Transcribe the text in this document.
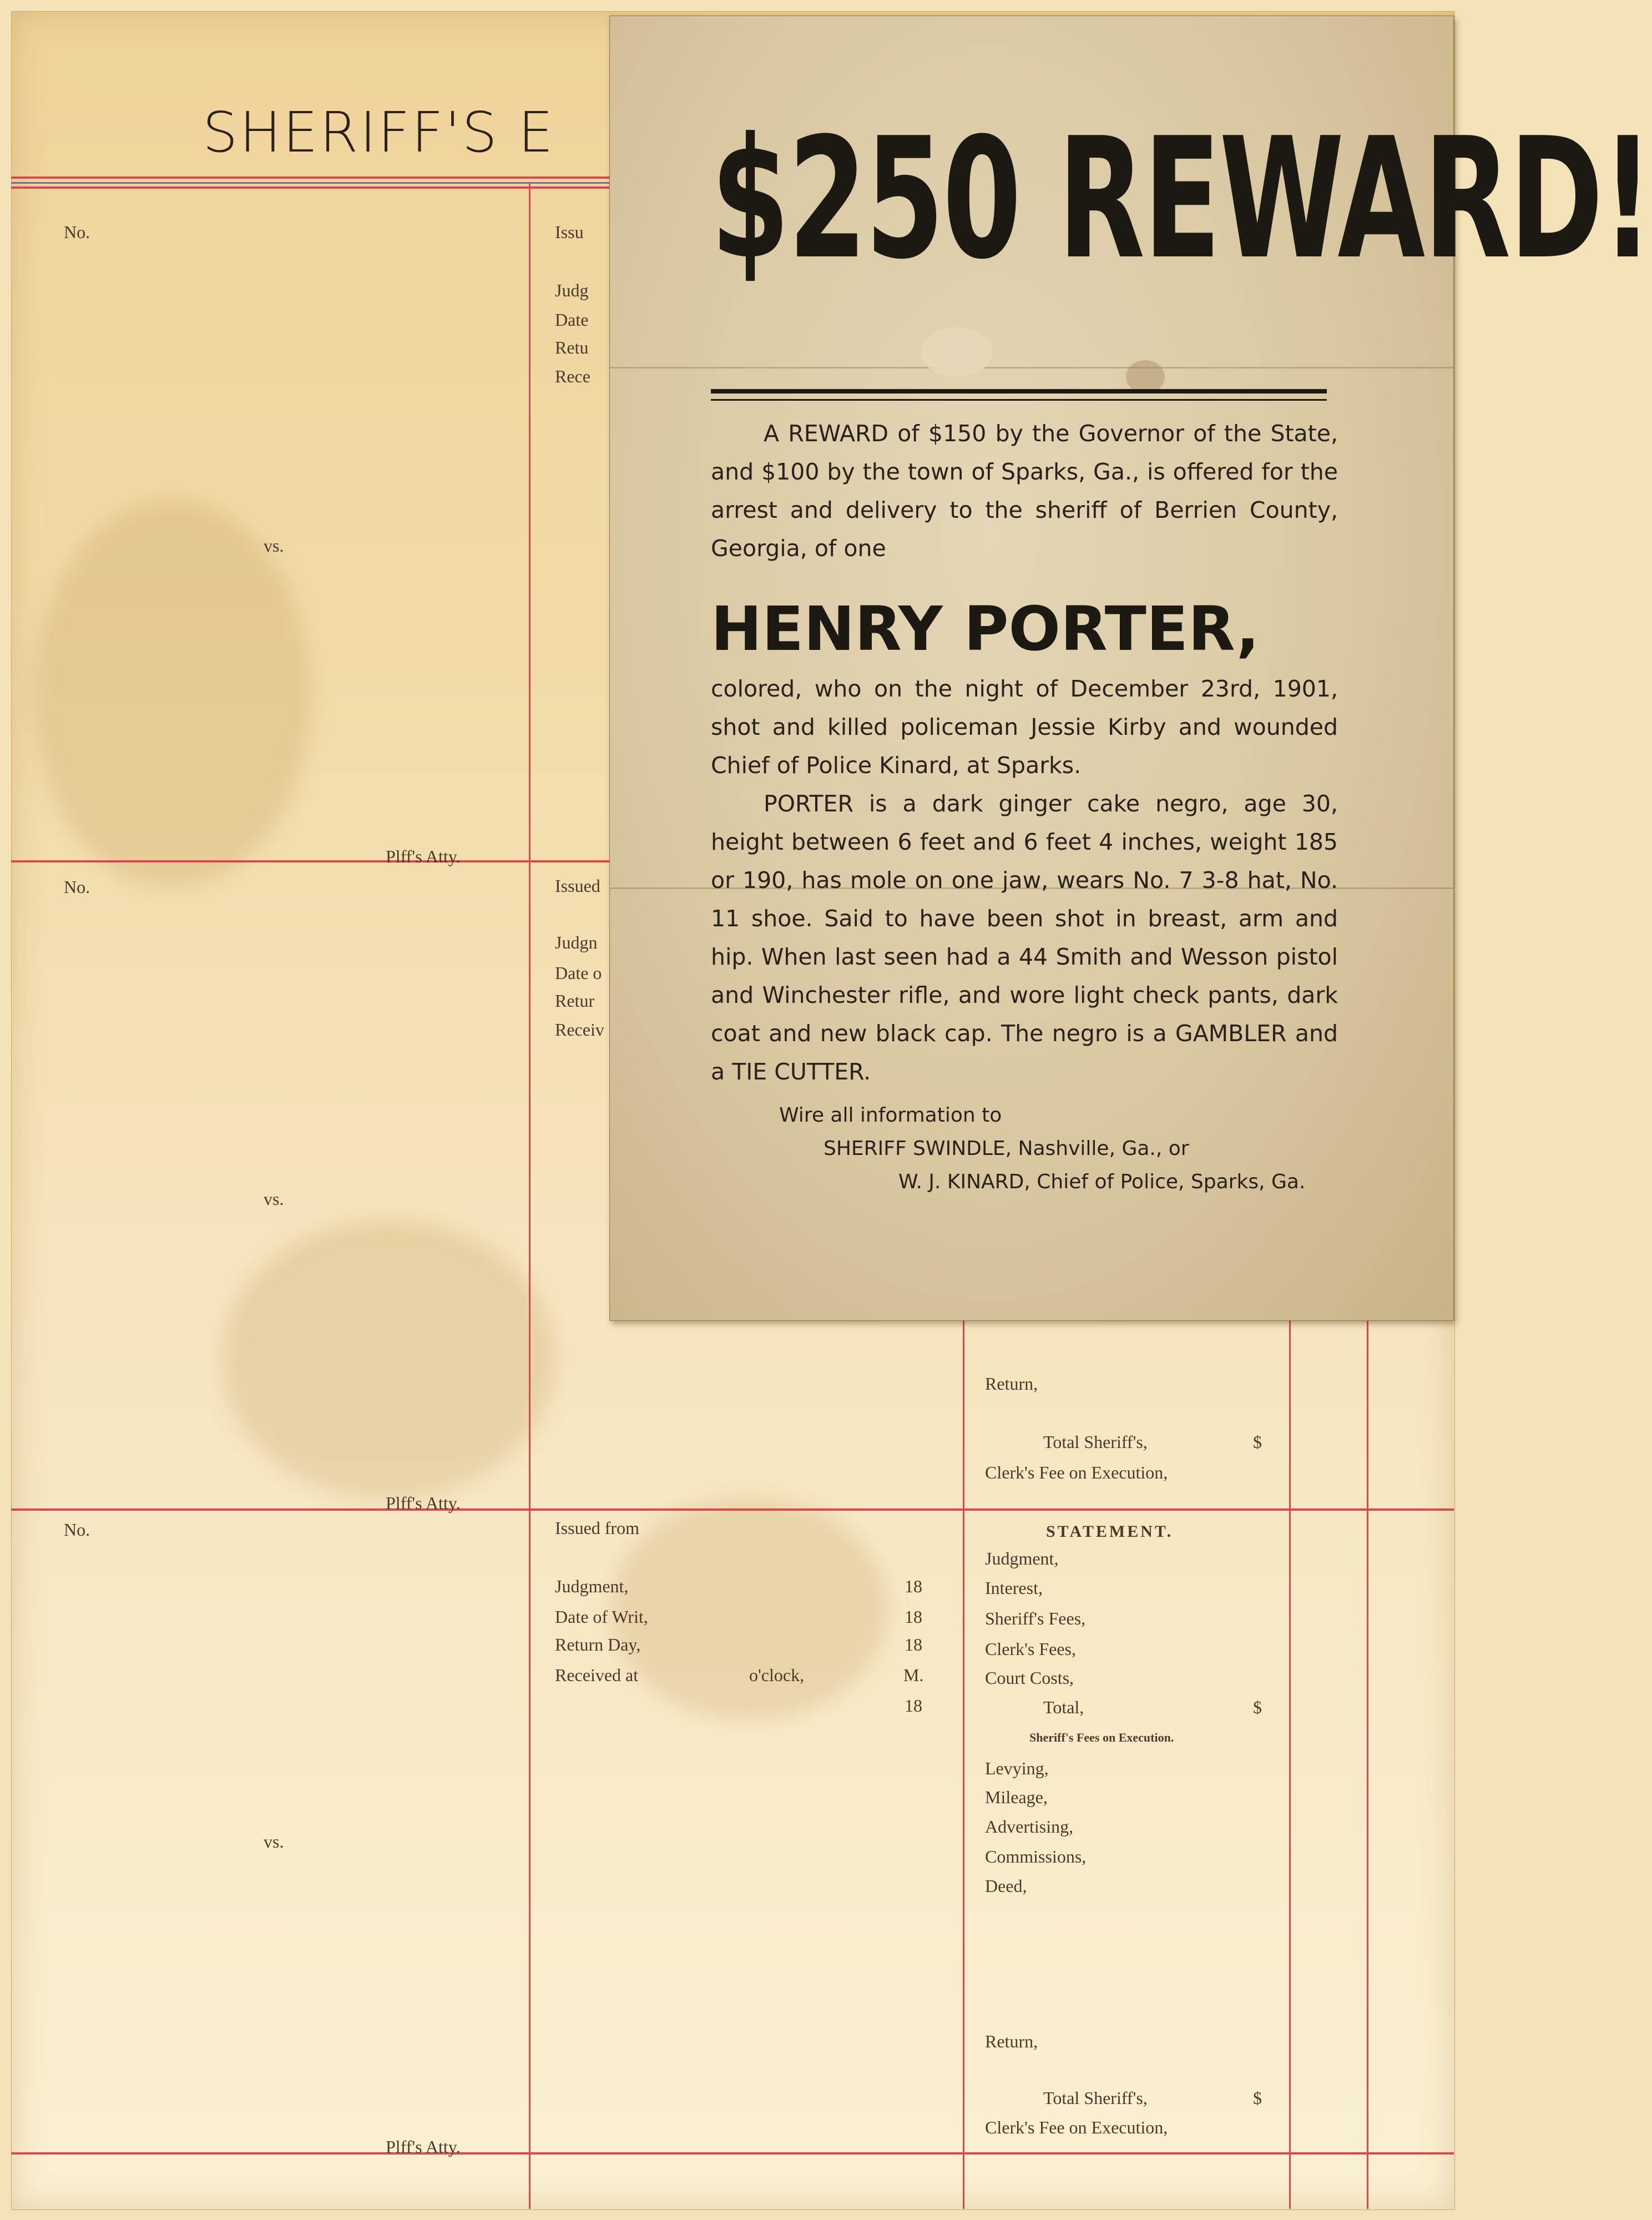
SHERIFF'S E
No.
vs.
Plff's Atty.
Issu
Judg
Date
Retu
Rece
No.
vs.
Plff's Atty.
Issued
Judgn
Date o
Retur
Receiv
Return,
Total Sheriff's,	$
Clerk's Fee on Execution,
No.
vs.
Plff's Atty.
Issued from
Judgment,	18
Date of Writ,	18
Return Day,	18
Received at	o'clock,	M.
18
STATEMENT.
Judgment,
Interest,
Sheriff's Fees,
Clerk's Fees,
Court Costs,
Total,	$
Sheriff's Fees on Execution.
Levying,
Mileage,
Advertising,
Commissions,
Deed,
Return,
Total Sheriff's,	$
Clerk's Fee on Execution,
$250 REWARD!
A REWARD of $150 by the Governor of the State, and $100 by the town of Sparks, Ga., is offered for the arrest and delivery to the sheriff of Berrien County, Georgia, of one
HENRY PORTER,
colored, who on the night of December 23rd, 1901, shot and killed policeman Jessie Kirby and wounded Chief of Police Kinard, at Sparks.
PORTER is a dark ginger cake negro, age 30, height between 6 feet and 6 feet 4 inches, weight 185 or 190, has mole on one jaw, wears No. 7 3-8 hat, No. 11 shoe. Said to have been shot in breast, arm and hip. When last seen had a 44 Smith and Wesson pistol and Winchester rifle, and wore light check pants, dark coat and new black cap. The negro is a GAMBLER and a TIE CUTTER.
Wire all information to
SHERIFF SWINDLE, Nashville, Ga., or
W. J. KINARD, Chief of Police, Sparks, Ga.
